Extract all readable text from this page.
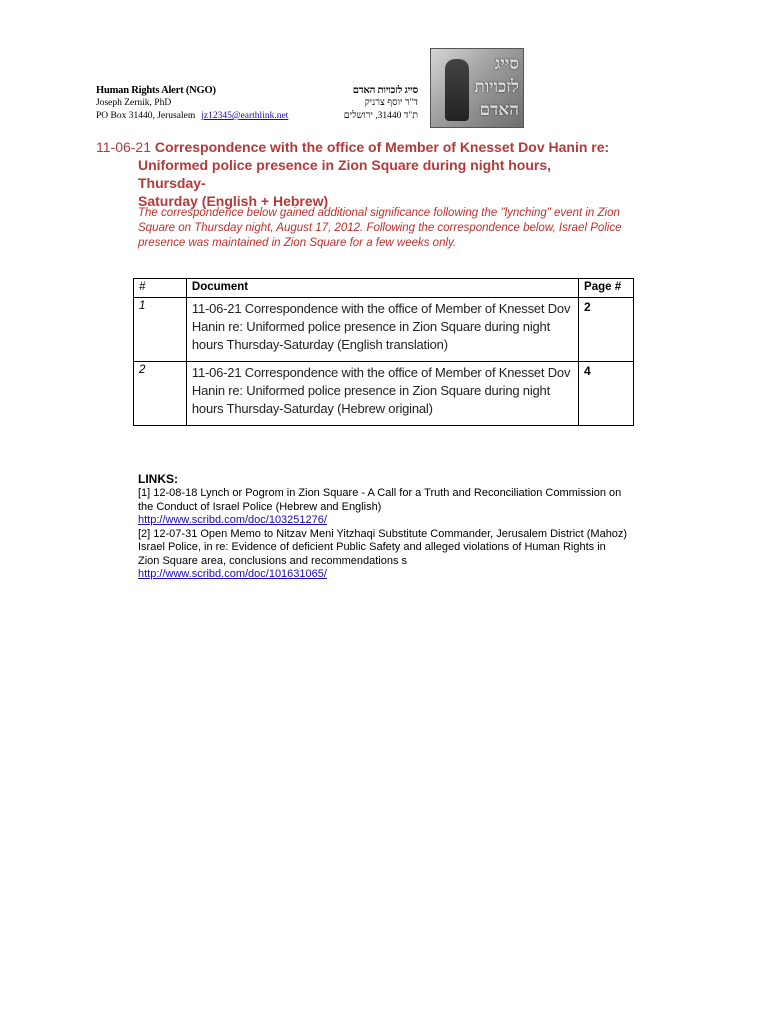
Human Rights Alert (NGO)
Joseph Zernik, PhD
PO Box 31440, Jerusalem jz12345@earthlink.net
סייג לזכויות האדם
ד"ר יוסף צרניק
ת"ד 31440, ירושלים
סייג לזכויות האדם
11-06-21 Correspondence with the office of Member of Knesset Dov Hanin re:
Uniformed police presence in Zion Square during night hours, Thursday-
Saturday (English + Hebrew)
The correspondence below gained additional significance following the "lynching" event in Zion Square on Thursday night, August 17, 2012. Following the correspondence below, Israel Police presence was maintained in Zion Square for a few weeks only.
#	Document	Page #
1	11-06-21 Correspondence with the office of Member of Knesset Dov Hanin re: Uniformed police presence in Zion Square during night hours Thursday-Saturday (English translation)	2
2	11-06-21 Correspondence with the office of Member of Knesset Dov Hanin re: Uniformed police presence in Zion Square during night hours Thursday-Saturday (Hebrew original)	4
LINKS:
[1] 12-08-18 Lynch or Pogrom in Zion Square - A Call for a Truth and Reconciliation Commission on the Conduct of Israel Police (Hebrew and English)
http://www.scribd.com/doc/103251276/
[2] 12-07-31 Open Memo to Nitzav Meni Yitzhaqi Substitute Commander, Jerusalem District (Mahoz) Israel Police, in re: Evidence of deficient Public Safety and alleged violations of Human Rights in Zion Square area, conclusions and recommendations s
http://www.scribd.com/doc/101631065/
